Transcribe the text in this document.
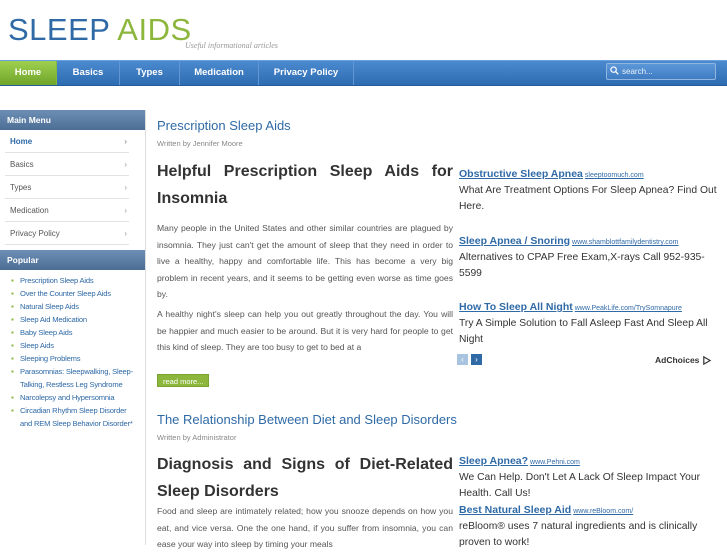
SLEEP AIDS
Useful informational articles
Home	Basics	Types	Medication	Privacy Policy
search...
Main Menu
Home	›
Basics	›
Types	›
Medication	›
Privacy Policy	›
Popular
▪ Prescription Sleep Aids
▪ Over the Counter Sleep Aids
▪ Natural Sleep Aids
▪ Sleep Aid Medication
▪ Baby Sleep Aids
▪ Sleep Aids
▪ Sleeping Problems
▪ Parasomnias: Sleepwalking, Sleep-Talking, Restless Leg Syndrome
▪ Narcolepsy and Hypersomnia
▪ Circadian Rhythm Sleep Disorder and REM Sleep Behavior Disorder*
Prescription Sleep Aids
Written by Jennifer Moore
Helpful Prescription Sleep Aids for Insomnia
Many people in the United States and other similar countries are plagued by insomnia. They just can't get the amount of sleep that they need in order to live a healthy, happy and comfortable life. This has become a very big problem in recent years, and it seems to be getting even worse as time goes by.
A healthy night's sleep can help you out greatly throughout the day. You will be happier and much easier to be around. But it is very hard for people to get this kind of sleep. They are too busy to get to bed at a
read more...
The Relationship Between Diet and Sleep Disorders
Written by Administrator
Diagnosis and Signs of Diet-Related Sleep Disorders
Food and sleep are intimately related; how you snooze depends on how you eat, and vice versa. One the one hand, if you suffer from insomnia, you can ease your way into sleep by timing your meals
Obstructive Sleep Apnea sleeptoomuch.com
What Are Treatment Options For Sleep Apnea? Find Out Here.
Sleep Apnea / Snoring www.shamblottfamilydentistry.com
Alternatives to CPAP Free Exam,X-rays Call 952-935-5599
How To Sleep All Night www.PeakLife.com/TrySomnapure
Try A Simple Solution to Fall Asleep Fast And Sleep All Night
‹	›	AdChoices
Sleep Apnea? www.Pehni.com
We Can Help. Don't Let A Lack Of Sleep Impact Your Health. Call Us!
Best Natural Sleep Aid www.reBloom.com/
reBloom® uses 7 natural ingredients and is clinically proven to work!
